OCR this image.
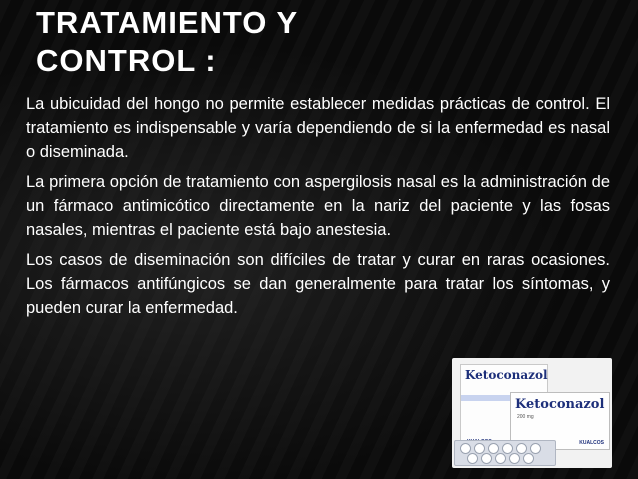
TRATAMIENTO Y
CONTROL :

La ubicuidad del hongo no permite establecer medidas prácticas de control. El tratamiento es indispensable y varía dependiendo de si la enfermedad es nasal o diseminada.

La primera opción de tratamiento con aspergilosis nasal es la administración de un fármaco antimicótico directamente en la nariz del paciente y las fosas nasales, mientras el paciente está bajo anestesia.

Los casos de diseminación son difíciles de tratar y curar en raras ocasiones. Los fármacos antifúngicos se dan generalmente para tratar los síntomas, y pueden curar la enfermedad.

Ketoconazol
Ketoconazol
200 mg
KUALCOS
